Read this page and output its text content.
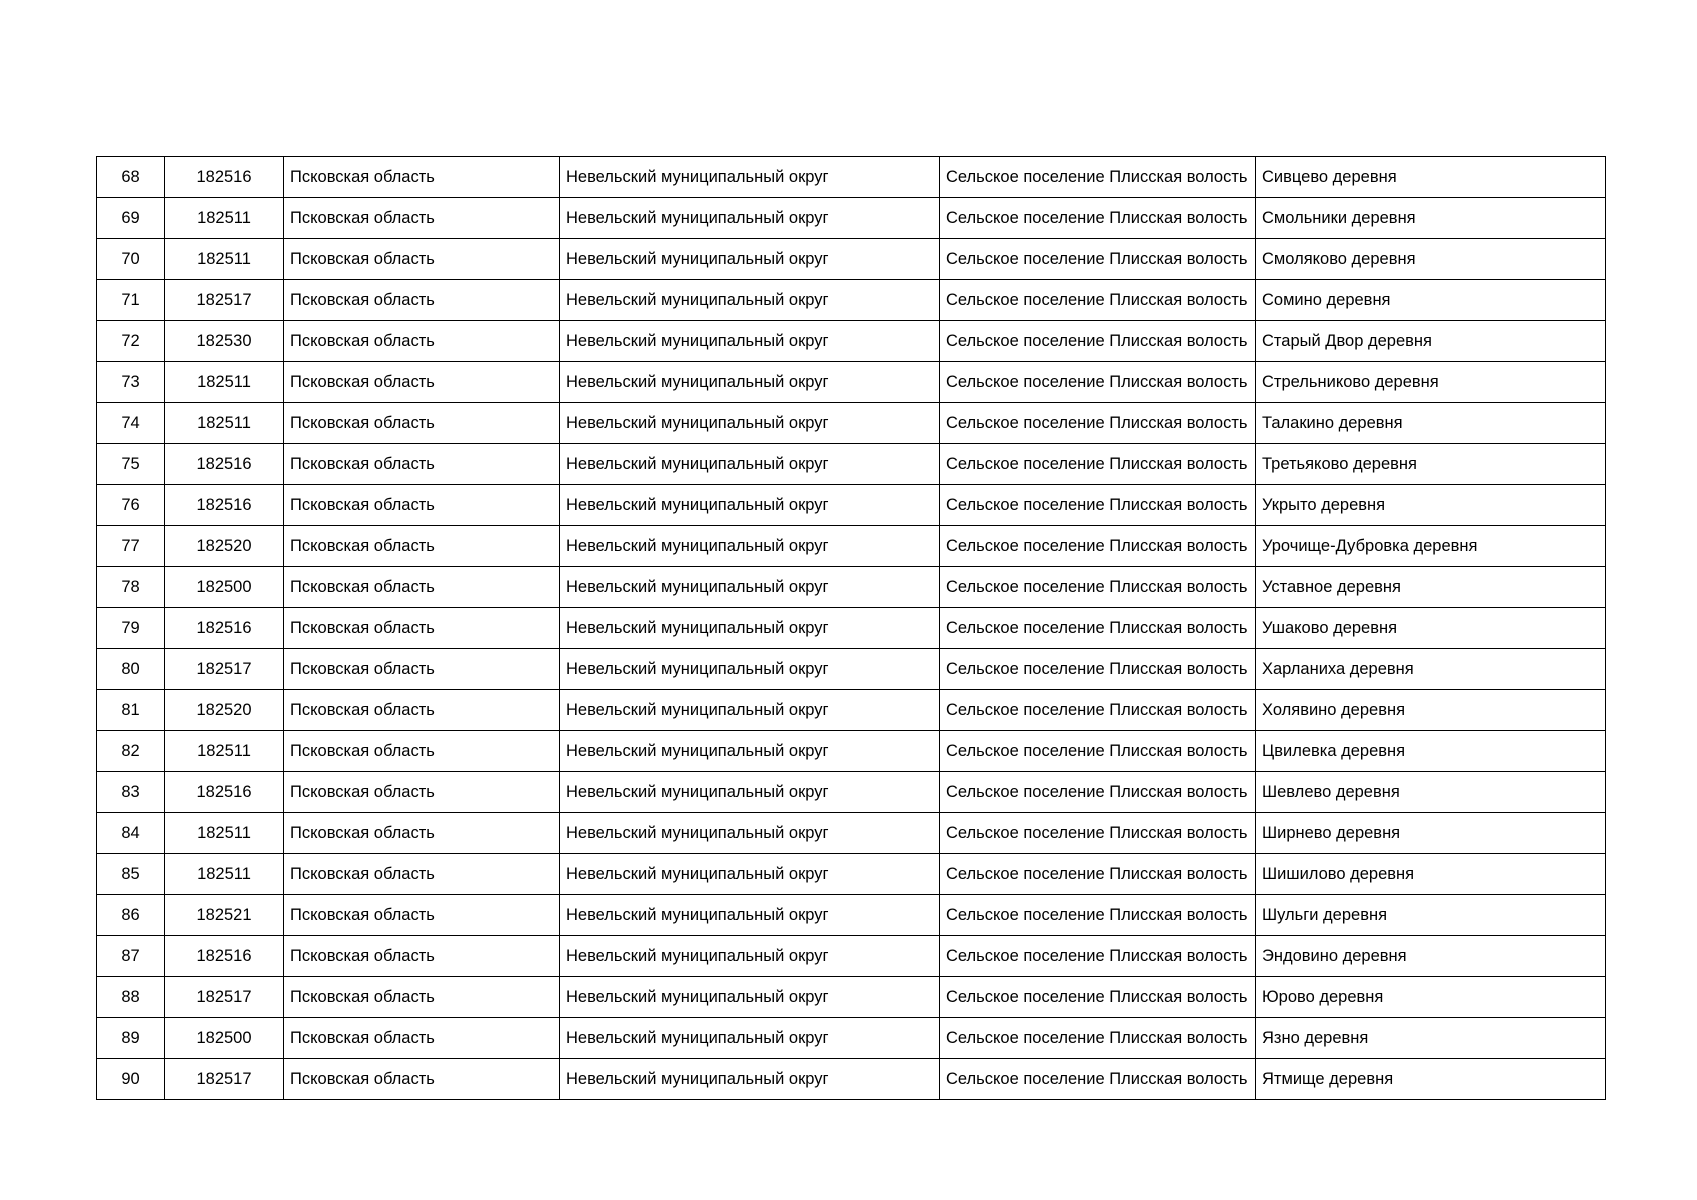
68	182516	Псковская область	Невельский муниципальный округ	Сельское поселение Плисская волость	Сивцево деревня
69	182511	Псковская область	Невельский муниципальный округ	Сельское поселение Плисская волость	Смольники деревня
70	182511	Псковская область	Невельский муниципальный округ	Сельское поселение Плисская волость	Смоляково деревня
71	182517	Псковская область	Невельский муниципальный округ	Сельское поселение Плисская волость	Сомино деревня
72	182530	Псковская область	Невельский муниципальный округ	Сельское поселение Плисская волость	Старый Двор деревня
73	182511	Псковская область	Невельский муниципальный округ	Сельское поселение Плисская волость	Стрельниково деревня
74	182511	Псковская область	Невельский муниципальный округ	Сельское поселение Плисская волость	Талакино деревня
75	182516	Псковская область	Невельский муниципальный округ	Сельское поселение Плисская волость	Третьяково деревня
76	182516	Псковская область	Невельский муниципальный округ	Сельское поселение Плисская волость	Укрыто деревня
77	182520	Псковская область	Невельский муниципальный округ	Сельское поселение Плисская волость	Урочище-Дубровка деревня
78	182500	Псковская область	Невельский муниципальный округ	Сельское поселение Плисская волость	Уставное деревня
79	182516	Псковская область	Невельский муниципальный округ	Сельское поселение Плисская волость	Ушаково деревня
80	182517	Псковская область	Невельский муниципальный округ	Сельское поселение Плисская волость	Харланиха деревня
81	182520	Псковская область	Невельский муниципальный округ	Сельское поселение Плисская волость	Холявино деревня
82	182511	Псковская область	Невельский муниципальный округ	Сельское поселение Плисская волость	Цвилевка деревня
83	182516	Псковская область	Невельский муниципальный округ	Сельское поселение Плисская волость	Шевлево деревня
84	182511	Псковская область	Невельский муниципальный округ	Сельское поселение Плисская волость	Ширнево деревня
85	182511	Псковская область	Невельский муниципальный округ	Сельское поселение Плисская волость	Шишилово деревня
86	182521	Псковская область	Невельский муниципальный округ	Сельское поселение Плисская волость	Шульги деревня
87	182516	Псковская область	Невельский муниципальный округ	Сельское поселение Плисская волость	Эндовино деревня
88	182517	Псковская область	Невельский муниципальный округ	Сельское поселение Плисская волость	Юрово деревня
89	182500	Псковская область	Невельский муниципальный округ	Сельское поселение Плисская волость	Язно деревня
90	182517	Псковская область	Невельский муниципальный округ	Сельское поселение Плисская волость	Ятмище деревня
